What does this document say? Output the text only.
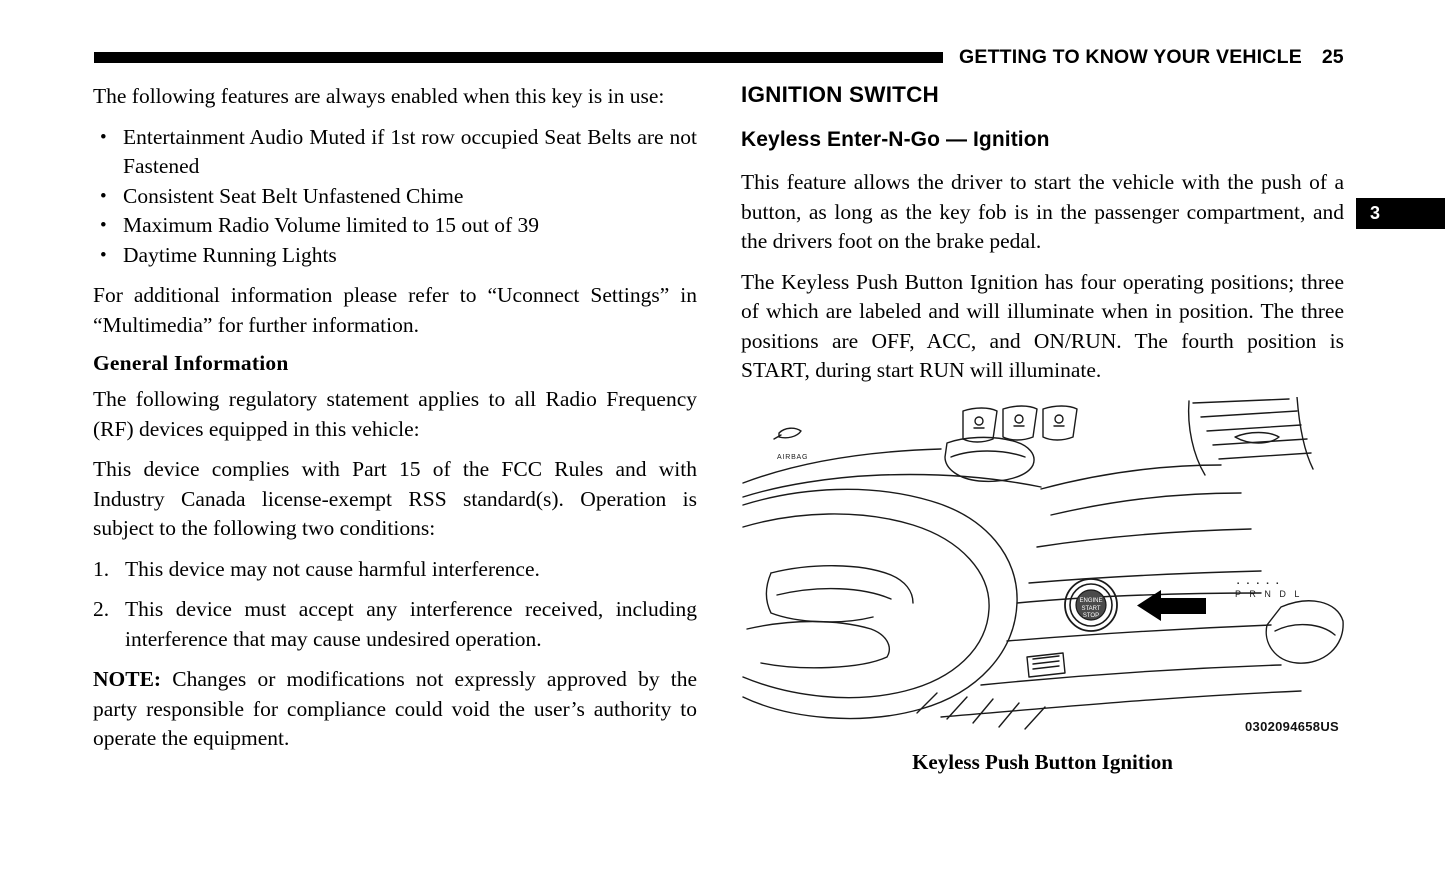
GETTING TO KNOW YOUR VEHICLE 25
3

The following features are always enabled when this key is in use:

• Entertainment Audio Muted if 1st row occupied Seat Belts are not Fastened
• Consistent Seat Belt Unfastened Chime
• Maximum Radio Volume limited to 15 out of 39
• Daytime Running Lights

For additional information please refer to “Uconnect Settings” in “Multimedia” for further information.

General Information

The following regulatory statement applies to all Radio Frequency (RF) devices equipped in this vehicle:

This device complies with Part 15 of the FCC Rules and with Industry Canada license-exempt RSS standard(s). Operation is subject to the following two conditions:

1. This device may not cause harmful interference.
2. This device must accept any interference received, including interference that may cause undesired operation.

NOTE: Changes or modifications not expressly approved by the party responsible for compliance could void the user’s authority to operate the equipment.

IGNITION SWITCH
Keyless Enter-N-Go — Ignition

This feature allows the driver to start the vehicle with the push of a button, as long as the key fob is in the passenger compartment, and the drivers foot on the brake pedal.

The Keyless Push Button Ignition has four operating positions; three of which are labeled and will illuminate when in position. The three positions are OFF, ACC, and ON/RUN. The fourth position is START, during start RUN will illuminate.

AIRBAG
ENGINE
START
STOP
▪ ▪ ▪ ▪ ▪
P R N D L
0302094658US
Keyless Push Button Ignition
